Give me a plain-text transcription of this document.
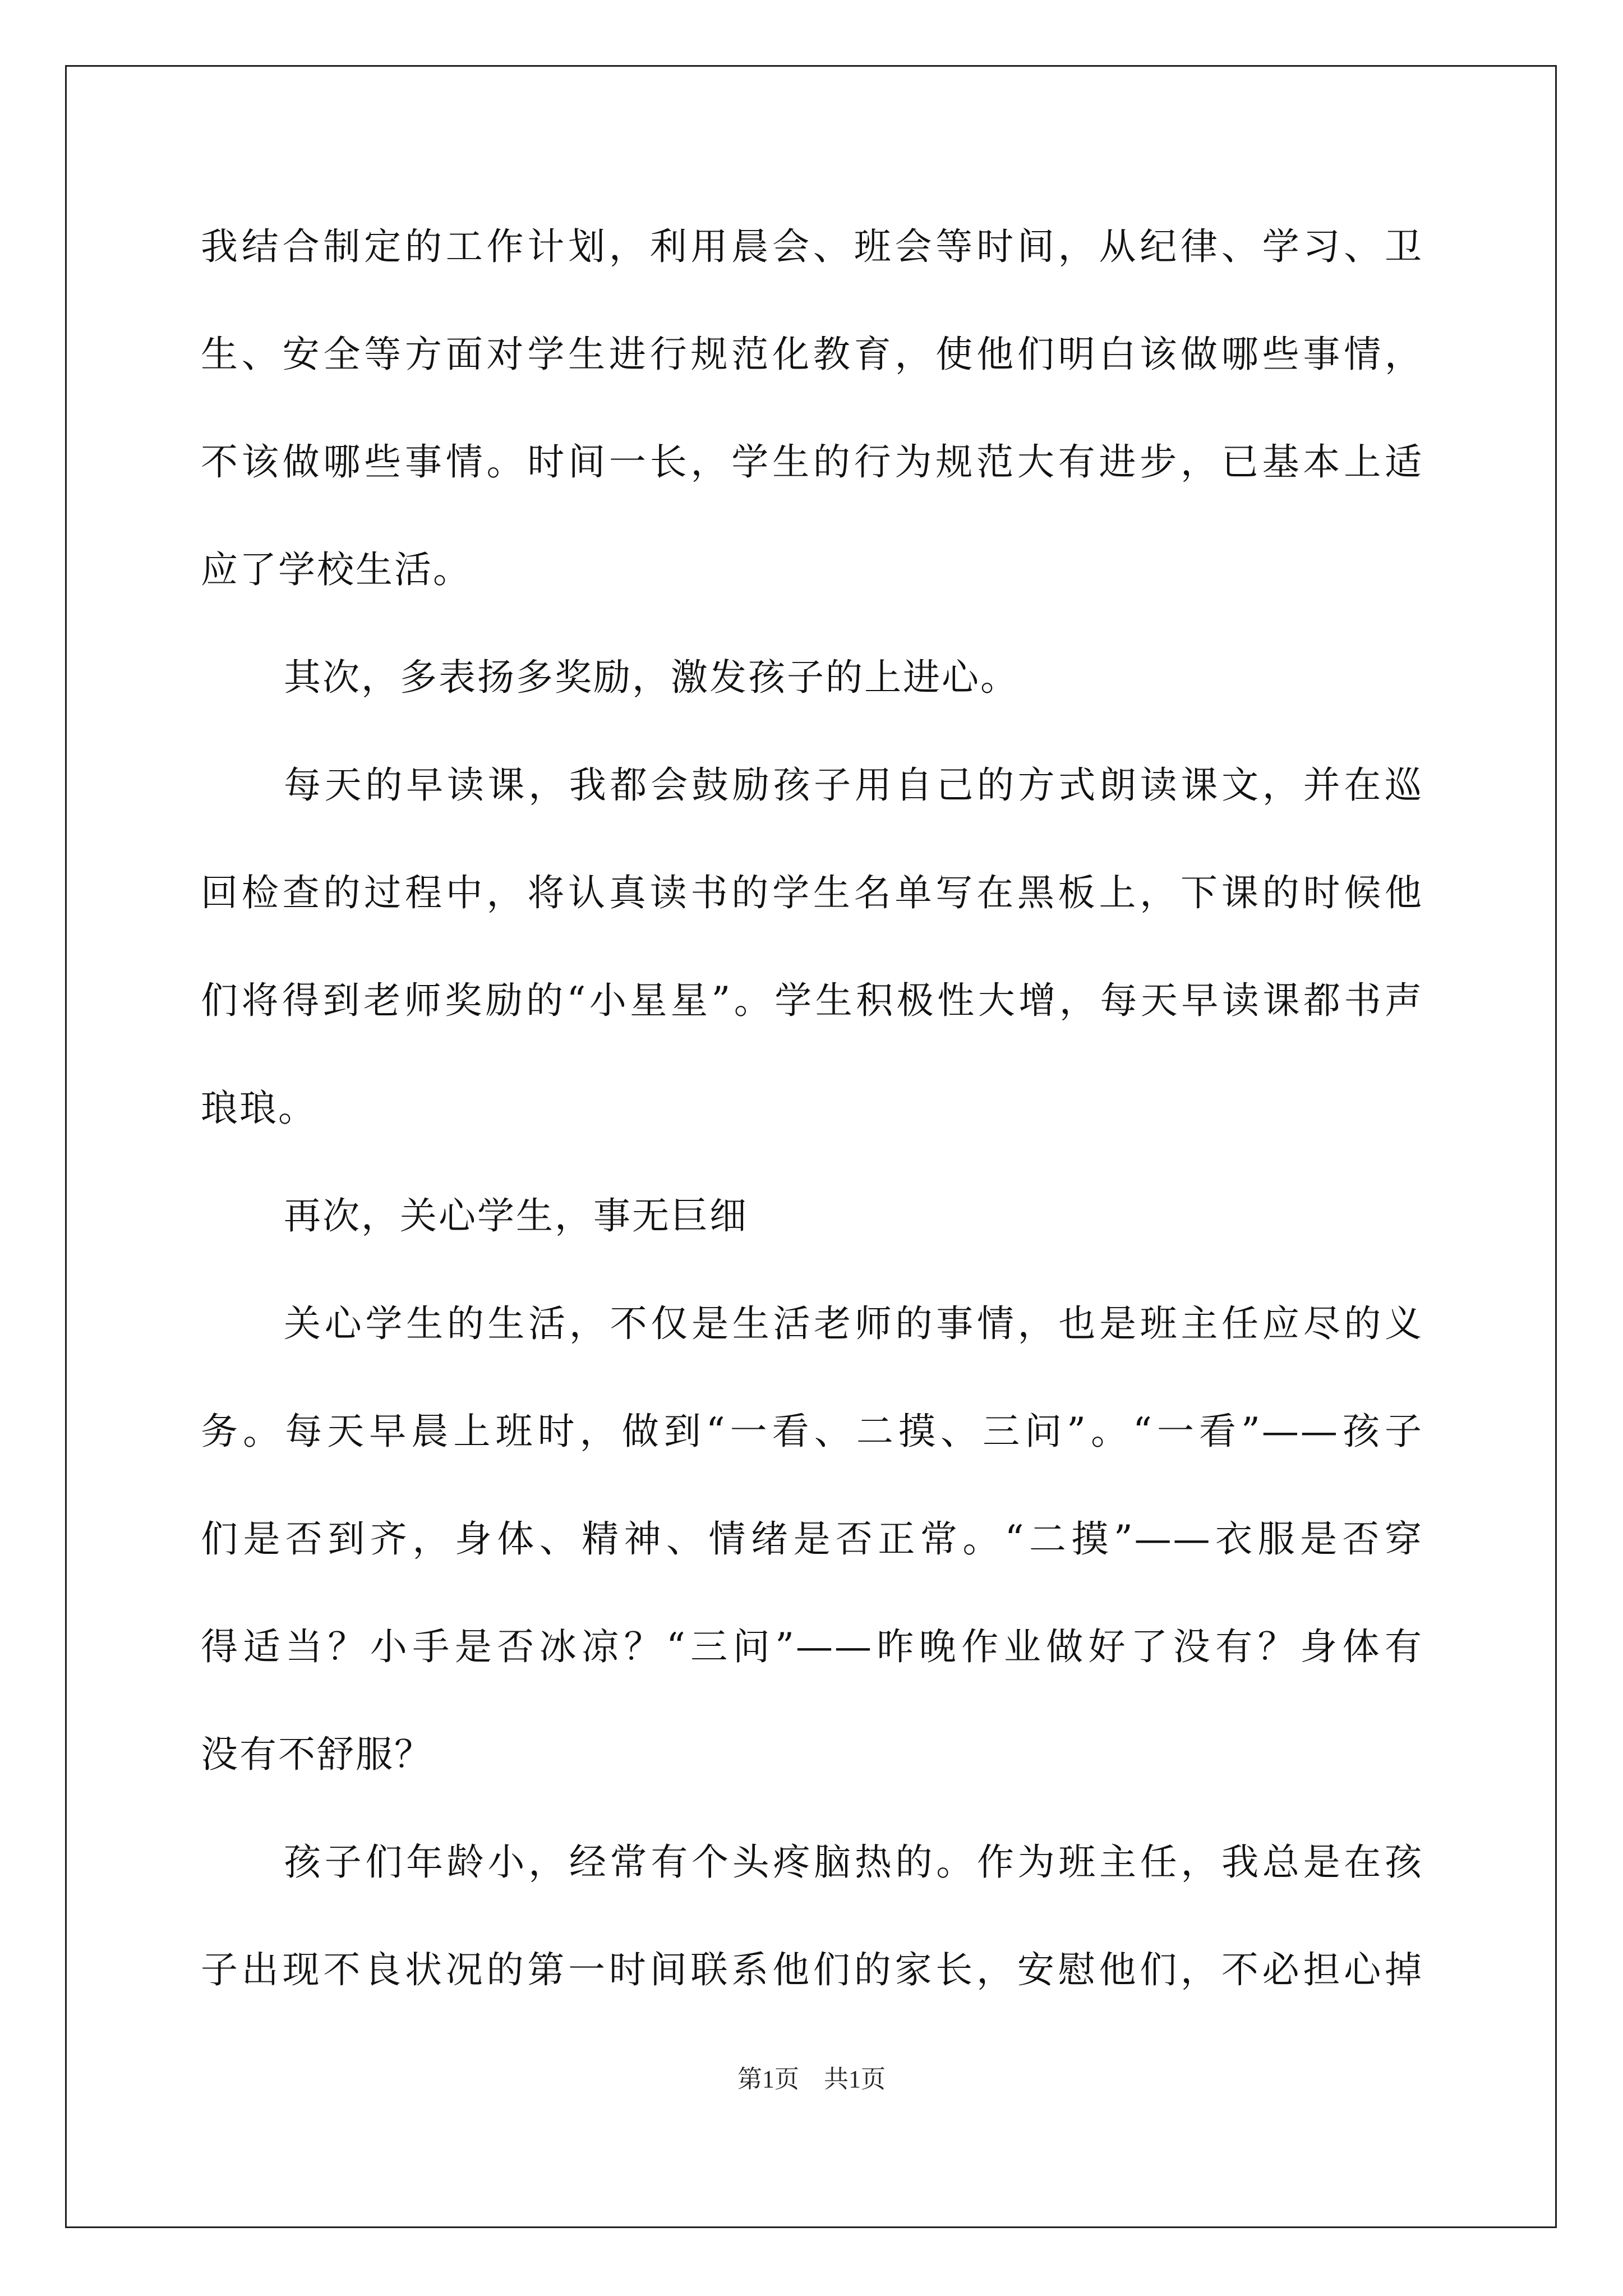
我结合制定的工作计划，利用晨会、班会等时间，从纪律、学习、卫
生、安全等方面对学生进行规范化教育，使他们明白该做哪些事情，
不该做哪些事情。时间一长，学生的行为规范大有进步，已基本上适
应了学校生活。
其次，多表扬多奖励，激发孩子的上进心。
每天的早读课，我都会鼓励孩子用自己的方式朗读课文，并在巡
回检查的过程中，将认真读书的学生名单写在黑板上，下课的时候他
们将得到老师奖励的“小星星”。学生积极性大增，每天早读课都书声
琅琅。
再次，关心学生，事无巨细
关心学生的生活，不仅是生活老师的事情，也是班主任应尽的义
务。每天早晨上班时，做到“一看、二摸、三问”。“一看”——孩子
们是否到齐，身体、精神、情绪是否正常。“二摸”——衣服是否穿
得适当？小手是否冰凉？“三问”——昨晚作业做好了没有？身体有
没有不舒服？
孩子们年龄小，经常有个头疼脑热的。作为班主任，我总是在孩
子出现不良状况的第一时间联系他们的家长，安慰他们，不必担心掉
第1页　共1页
